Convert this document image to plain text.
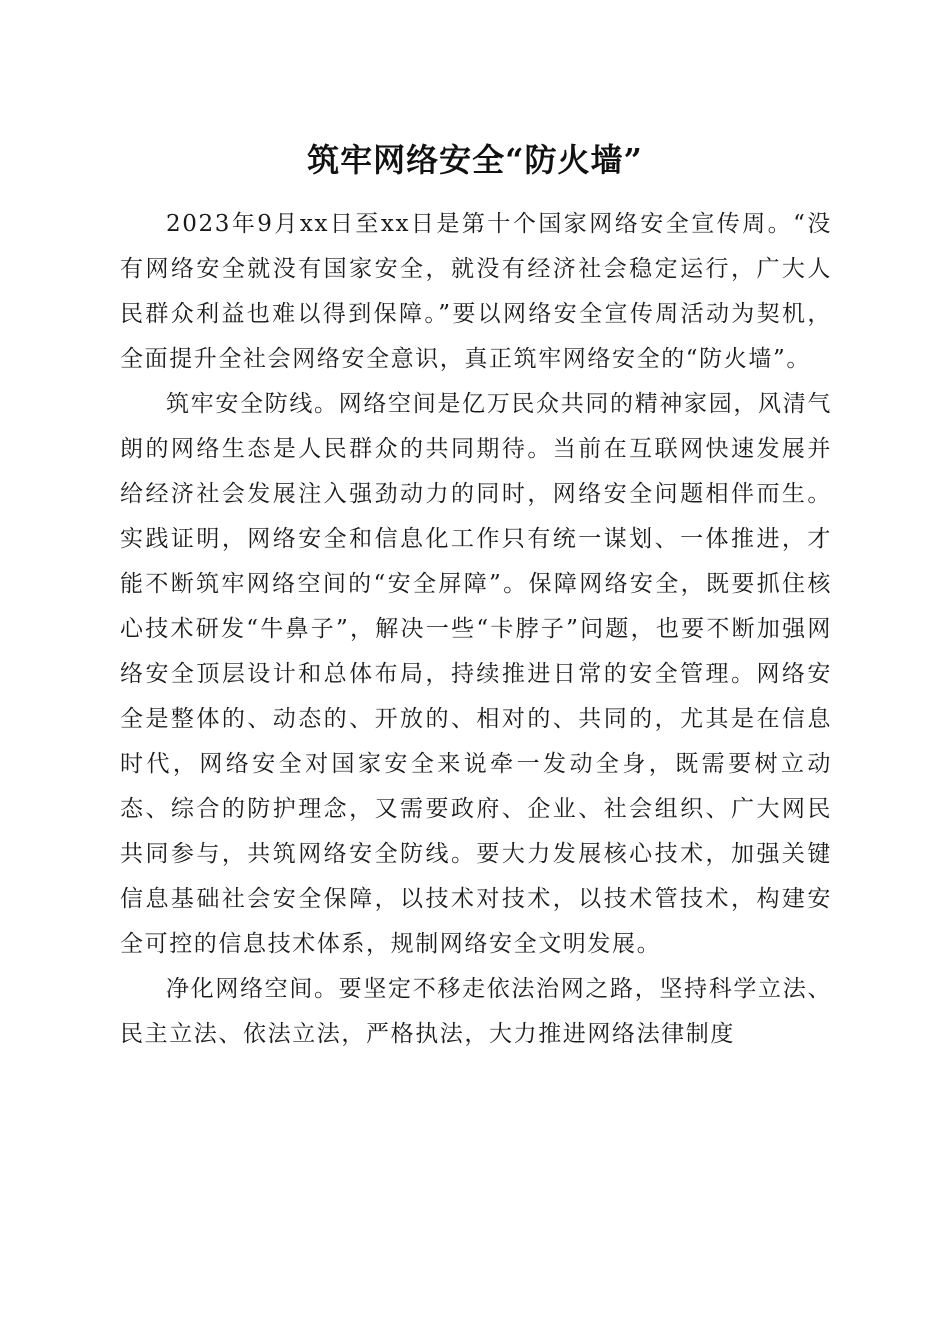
筑牢网络安全“防火墙”

2023年9月xx日至xx日是第十个国家网络安全宣传周。“没有网络安全就没有国家安全，就没有经济社会稳定运行，广大人民群众利益也难以得到保障。”要以网络安全宣传周活动为契机，全面提升全社会网络安全意识，真正筑牢网络安全的“防火墙”。

筑牢安全防线。网络空间是亿万民众共同的精神家园，风清气朗的网络生态是人民群众的共同期待。当前在互联网快速发展并给经济社会发展注入强劲动力的同时，网络安全问题相伴而生。实践证明，网络安全和信息化工作只有统一谋划、一体推进，才能不断筑牢网络空间的“安全屏障”。保障网络安全，既要抓住核心技术研发“牛鼻子”，解决一些“卡脖子”问题，也要不断加强网络安全顶层设计和总体布局，持续推进日常的安全管理。网络安全是整体的、动态的、开放的、相对的、共同的，尤其是在信息时代，网络安全对国家安全来说牵一发动全身，既需要树立动态、综合的防护理念，又需要政府、企业、社会组织、广大网民共同参与，共筑网络安全防线。要大力发展核心技术，加强关键信息基础社会安全保障，以技术对技术，以技术管技术，构建安全可控的信息技术体系，规制网络安全文明发展。

净化网络空间。要坚定不移走依法治网之路，坚持科学立法、民主立法、依法立法，严格执法，大力推进网络法律制度
